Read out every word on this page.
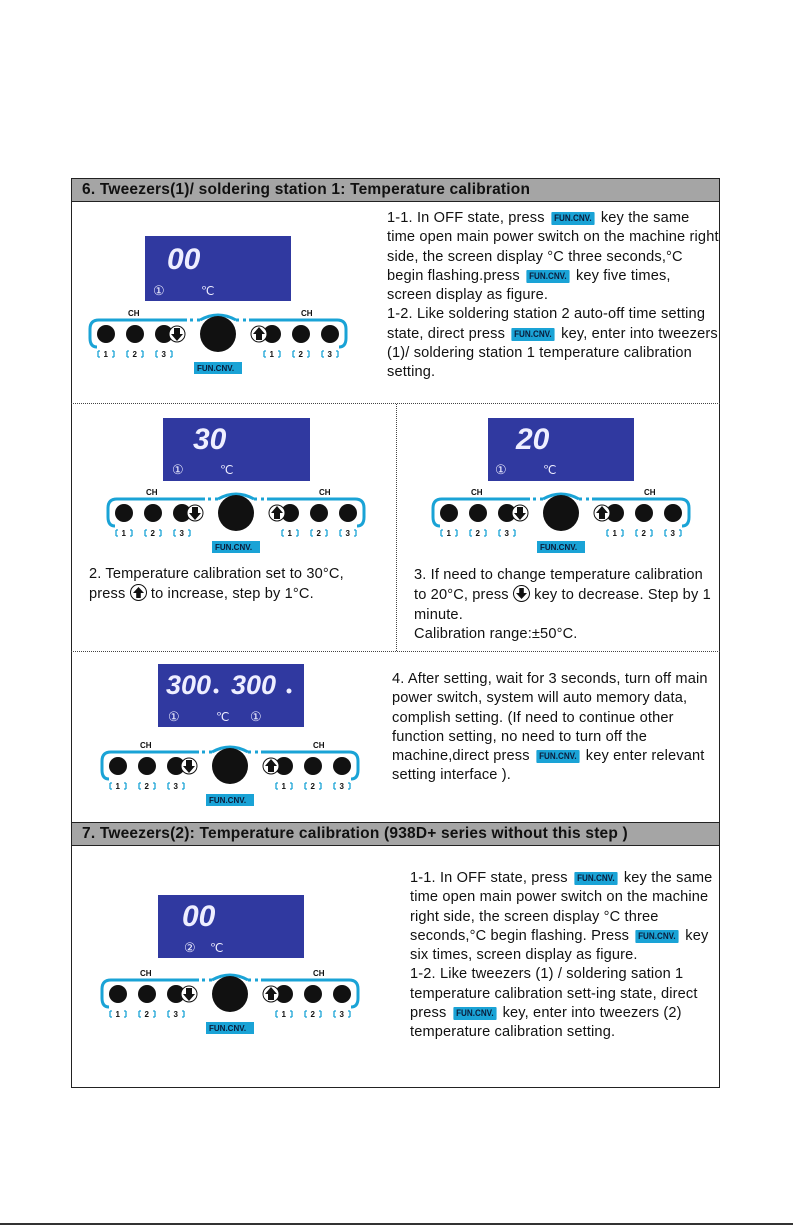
6. Tweezers(1)/ soldering station 1: Temperature calibration
7. Tweezers(2): Temperature calibration (938D+ series without this step )

1-1. In OFF state, press FUN.CNV. key the same time open main power switch on the machine right side, the screen display °C three seconds,°C begin flashing.press FUN.CNV. key five times, screen display as figure.

1-2. Like soldering station 2 auto-off time setting state, direct press FUN.CNV. key, enter into tweezers (1)/ soldering station 1 temperature calibration setting.

2. Temperature calibration set to 30°C, press to increase, step by 1°C.

3. If need to change temperature calibration to 20°C, press key to decrease. Step by 1 minute.

Calibration range:±50°C.

4. After setting, wait for 3 seconds, turn off main power switch, system will auto memory data, complish setting. (If need to continue other function setting, no need to turn off the machine,direct press FUN.CNV. key enter relevant setting interface ).

1-1. In OFF state, press FUN.CNV. key the same time open main power switch on the machine right side, the screen display °C three seconds,°C begin flashing. Press FUN.CNV. key six times, screen display as figure.

1-2. Like tweezers (1) / soldering sation 1 temperature calibration sett-ing state, direct press FUN.CNV. key, enter into tweezers (2) temperature calibration setting.

00
①	℃
30
①	℃
20
①	℃
300 300
①	℃ ①
00
② ℃
CH	CH
1	2	3	1	2	3
FUN.CNV.
CH	CH
1	2	3	1	2	3
FUN.CNV.
CH	CH
1	2	3	1	2	3
FUN.CNV.
CH	CH
1	2	3	1	2	3
FUN.CNV.
CH	CH
1	2	3	1	2	3
FUN.CNV.
